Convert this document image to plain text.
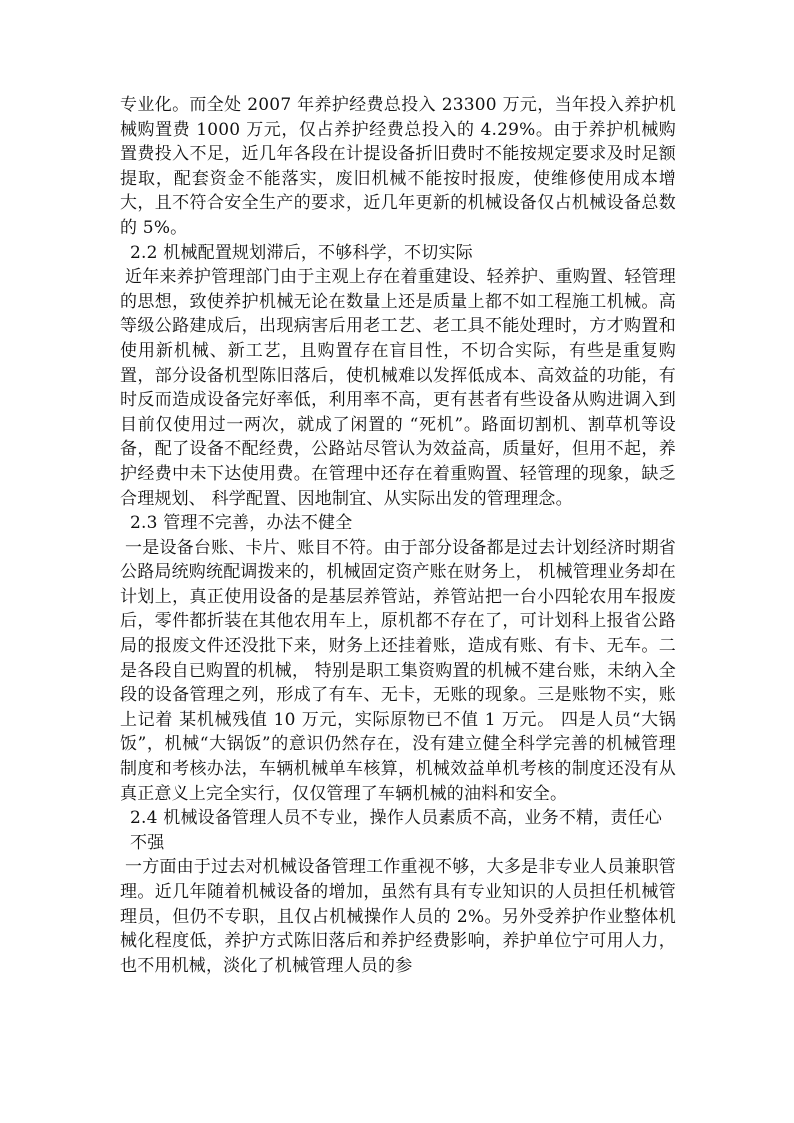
专业化。而全处 2007 年养护经费总投入 23300 万元，当年投入养护机械购置费 1000 万元，仅占养护经费总投入的 4.29%。由于养护机械购置费投入不足，近几年各段在计提设备折旧费时不能按规定要求及时足额提取，配套资金不能落实，废旧机械不能按时报废，使维修使用成本增大，且不符合安全生产的要求，近几年更新的机械设备仅占机械设备总数的 5%。

2.2 机械配置规划滞后，不够科学，不切实际

近年来养护管理部门由于主观上存在着重建设、轻养护、重购置、轻管理的思想，致使养护机械无论在数量上还是质量上都不如工程施工机械。高等级公路建成后，出现病害后用老工艺、老工具不能处理时，方才购置和使用新机械、新工艺，且购置存在盲目性，不切合实际，有些是重复购置，部分设备机型陈旧落后，使机械难以发挥低成本、高效益的功能，有时反而造成设备完好率低，利用率不高，更有甚者有些设备从购进调入到目前仅使用过一两次，就成了闲置的 “死机”。路面切割机、割草机等设备，配了设备不配经费，公路站尽管认为效益高，质量好，但用不起，养护经费中未下达使用费。在管理中还存在着重购置、轻管理的现象，缺乏合理规划、 科学配置、因地制宜、从实际出发的管理理念。

2.3 管理不完善，办法不健全

一是设备台账、卡片、账目不符。由于部分设备都是过去计划经济时期省公路局统购统配调拨来的，机械固定资产账在财务上， 机械管理业务却在计划上，真正使用设备的是基层养管站，养管站把一台小四轮农用车报废后，零件都折装在其他农用车上，原机都不存在了，可计划科上报省公路局的报废文件还没批下来，财务上还挂着账，造成有账、有卡、无车。二是各段自已购置的机械， 特别是职工集资购置的机械不建台账，未纳入全段的设备管理之列，形成了有车、无卡，无账的现象。三是账物不实，账上记着 某机械残值 10 万元，实际原物已不值 1 万元。 四是人员“大锅饭”，机械“大锅饭”的意识仍然存在，没有建立健全科学完善的机械管理制度和考核办法，车辆机械单车核算，机械效益单机考核的制度还没有从真正意义上完全实行，仅仅管理了车辆机械的油料和安全。

2.4 机械设备管理人员不专业，操作人员素质不高，业务不精，责任心不强

一方面由于过去对机械设备管理工作重视不够，大多是非专业人员兼职管理。近几年随着机械设备的增加，虽然有具有专业知识的人员担任机械管理员，但仍不专职，且仅占机械操作人员的 2%。另外受养护作业整体机械化程度低，养护方式陈旧落后和养护经费影响，养护单位宁可用人力，也不用机械，淡化了机械管理人员的参
